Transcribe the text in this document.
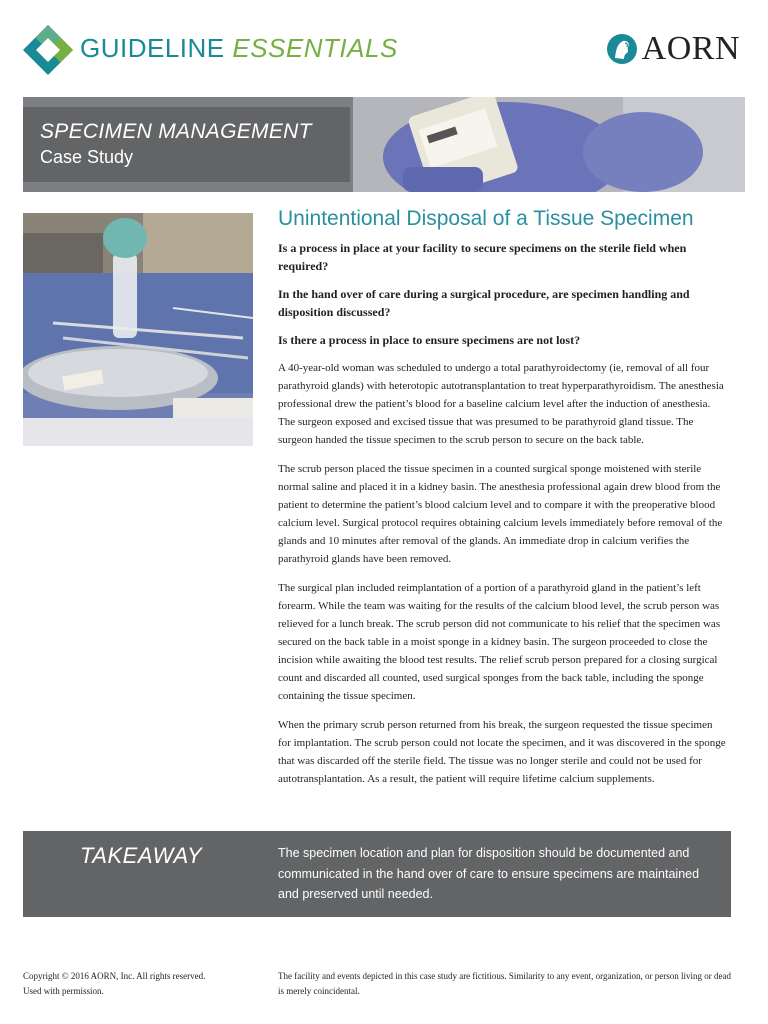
GUIDELINE ESSENTIALS	AORN
SPECIMEN MANAGEMENT
Case Study
Unintentional Disposal of a Tissue Specimen

Is a process in place at your facility to secure specimens on the sterile field when required?

In the hand over of care during a surgical procedure, are specimen handling and disposition discussed?

Is there a process in place to ensure specimens are not lost?

A 40-year-old woman was scheduled to undergo a total parathyroidectomy (ie, removal of all four parathyroid glands) with heterotopic autotransplantation to treat hyperparathyroidism. The anesthesia professional drew the patient’s blood for a baseline calcium level after the induction of anesthesia. The surgeon exposed and excised tissue that was presumed to be parathyroid gland tissue. The surgeon handed the tissue specimen to the scrub person to secure on the back table.

The scrub person placed the tissue specimen in a counted surgical sponge moistened with sterile normal saline and placed it in a kidney basin. The anesthesia professional again drew blood from the patient to determine the patient’s blood calcium level and to compare it with the preoperative blood calcium level. Surgical protocol requires obtaining calcium levels immediately before removal of the glands and 10 minutes after removal of the glands. An immediate drop in calcium verifies the parathyroid glands have been removed.

The surgical plan included reimplantation of a portion of a parathyroid gland in the patient’s left forearm. While the team was waiting for the results of the calcium blood level, the scrub person was relieved for a lunch break. The scrub person did not communicate to his relief that the specimen was secured on the back table in a moist sponge in a kidney basin. The surgeon proceeded to close the incision while awaiting the blood test results. The relief scrub person prepared for a closing surgical count and discarded all counted, used surgical sponges from the back table, including the sponge containing the tissue specimen.

When the primary scrub person returned from his break, the surgeon requested the tissue specimen for implantation. The scrub person could not locate the specimen, and it was discovered in the sponge that was discarded off the sterile field. The tissue was no longer sterile and could not be used for autotransplantation. As a result, the patient will require lifetime calcium supplements.

TAKEAWAY	The specimen location and plan for disposition should be documented and communicated in the hand over of care to ensure specimens are maintained and preserved until needed.
Copyright © 2016 AORN, Inc. All rights reserved.
Used with permission.
The facility and events depicted in this case study are fictitious. Similarity to any event, organization, or person living or dead is merely coincidental.
